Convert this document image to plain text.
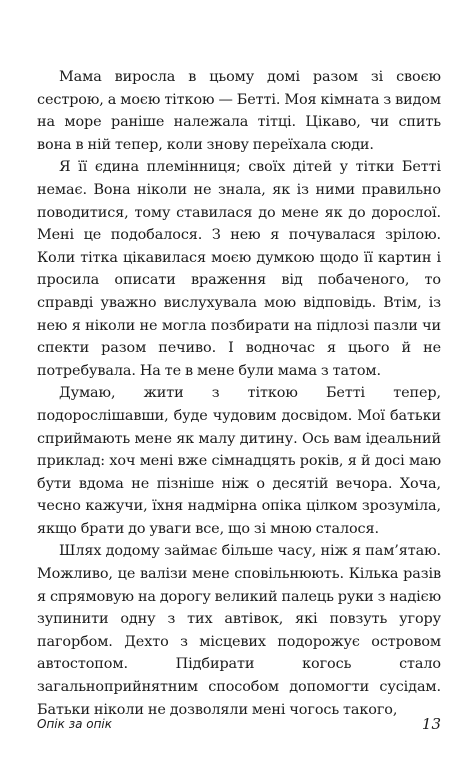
Мама виросла в цьому домі разом зі своєю сестрою, а моєю тіткою — Бетті. Моя кімната з видом на море раніше належала тітці. Цікаво, чи спить вона в ній тепер, коли знову переїхала сюди.

Я її єдина племінниця; своїх дітей у тітки Бетті немає. Вона ніколи не знала, як із ними правильно поводитися, тому ставилася до мене як до дорослої. Мені це подобалося. З нею я почувалася зрілою. Коли тітка цікавилася моєю думкою щодо її картин і просила описати враження від побаченого, то справді уважно вислухувала мою відповідь. Втім, із нею я ніколи не могла позбирати на підлозі пазли чи спекти разом печиво. І водночас я цього й не потребувала. На те в мене були мама з татом.

Думаю, жити з тіткою Бетті тепер, подорослішавши, буде чудовим досвідом. Мої батьки сприймають мене як малу дитину. Ось вам ідеальний приклад: хоч мені вже сімнадцять років, я й досі маю бути вдома не пізніше ніж о десятій вечора. Хоча, чесно кажучи, їхня надмірна опіка цілком зрозуміла, якщо брати до уваги все, що зі мною сталося.

Шлях додому займає більше часу, ніж я пам’ятаю. Можливо, це валізи мене сповільнюють. Кілька разів я спрямовую на дорогу великий палець руки з надією зупинити одну з тих автівок, які повзуть угору пагорбом. Дехто з місцевих подорожує островом автостопом. Підбирати когось стало загальноприйнятним способом допомогти сусідам. Батьки ніколи не дозволяли мені чогось такого,

Опік за опік	13
